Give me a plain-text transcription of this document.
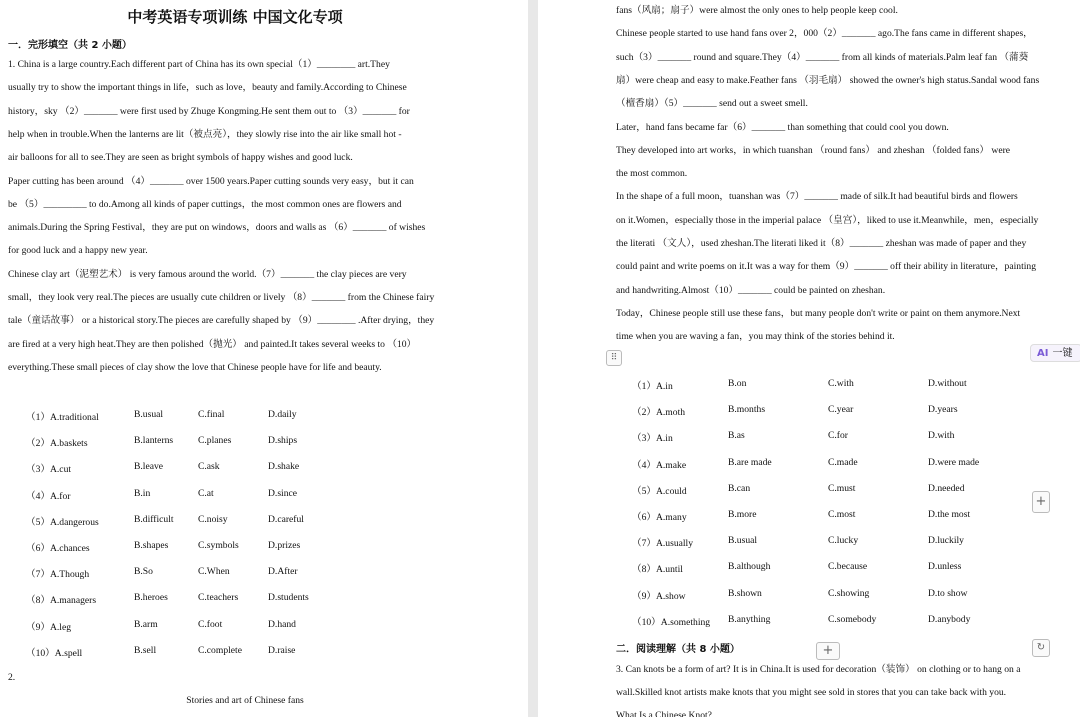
中考英语专项训练 中国文化专项
一．完形填空（共 2 小题）
1. China is a large country.Each different part of China has its own special（1）________ art.They
usually try to show the important things in life，such as love，beauty and family.According to Chinese
history，sky （2）_______ were first used by Zhuge Kongming.He sent them out to （3）_______ for
help when in trouble.When the lanterns are lit（被点亮），they slowly rise into the air like small hot -
air balloons for all to see.They are seen as bright symbols of happy wishes and good luck.
Paper cutting has been around （4）_______ over 1500 years.Paper cutting sounds very easy，but it can
be （5）_________ to do.Among all kinds of paper cuttings，the most common ones are flowers and
animals.During the Spring Festival，they are put on windows，doors and walls as （6）_______ of wishes
for good luck and a happy new year.
Chinese clay art（泥塑艺术） is very famous around the world.（7）_______ the clay pieces are very
small，they look very real.The pieces are usually cute children or lively （8）_______ from the Chinese fairy
tale（童话故事） or a historical story.The pieces are carefully shaped by （9）________ .After drying，they
are fired at a very high heat.They are then polished（抛光） and painted.It takes several weeks to （10）
everything.These small pieces of clay show the love that Chinese people have for life and beauty.
（1）A.traditional	B.usual	C.final	D.daily
（2）A.baskets	B.lanterns	C.planes	D.ships
（3）A.cut	B.leave	C.ask	D.shake
（4）A.for	B.in	C.at	D.since
（5）A.dangerous	B.difficult	C.noisy	D.careful
（6）A.chances	B.shapes	C.symbols	D.prizes
（7）A.Though	B.So	C.When	D.After
（8）A.managers	B.heroes	C.teachers	D.students
（9）A.leg	B.arm	C.foot	D.hand
（10）A.spell	B.sell	C.complete	D.raise
2.
Stories and art of Chinese fans
fans（风扇；扇子）were almost the only ones to help people keep cool.
Chinese people started to use hand fans over 2，000（2）_______ ago.The fans came in different shapes，
such（3）_______ round and square.They（4）_______ from all kinds of materials.Palm leaf fan （蒲葵
扇）were cheap and easy to make.Feather fans （羽毛扇） showed the owner's high status.Sandal wood fans
（檀香扇）（5）_______ send out a sweet smell.
Later，hand fans became far（6）_______ than something that could cool you down.
They developed into art works，in which tuanshan （round fans） and zheshan （folded fans） were
the most common.
In the shape of a full moon，tuanshan was（7）_______ made of silk.It had beautiful birds and flowers
on it.Women，especially those in the imperial palace （皇宫），liked to use it.Meanwhile，men，especially
the literati （文人），used zheshan.The literati liked it（8）_______ zheshan was made of paper and they
could paint and write poems on it.It was a way for them（9）_______ off their ability in literature，painting
and handwriting.Almost（10）_______ could be painted on zheshan.
Today，Chinese people still use these fans，but many people don't write or paint on them anymore.Next
time when you are waving a fan，you may think of the stories behind it.
⠿
（1）A.in	B.on	C.with	D.without
（2）A.moth	B.months	C.year	D.years
（3）A.in	B.as	C.for	D.with
（4）A.make	B.are made	C.made	D.were made
（5）A.could	B.can	C.must	D.needed
（6）A.many	B.more	C.most	D.the most
（7）A.usually	B.usual	C.lucky	D.luckily
（8）A.until	B.although	C.because	D.unless
（9）A.show	B.shown	C.showing	D.to show
（10）A.something B.anything	C.somebody	D.anybody
二．阅读理解（共 8 小题）	+	↻
+
3. Can knots be a form of art? It is in China.It is used for decoration（装饰） on clothing or to hang on a
wall.Skilled knot artists make knots that you might see sold in stores that you can take back with you.
What Is a Chinese Knot?
AI 一键
